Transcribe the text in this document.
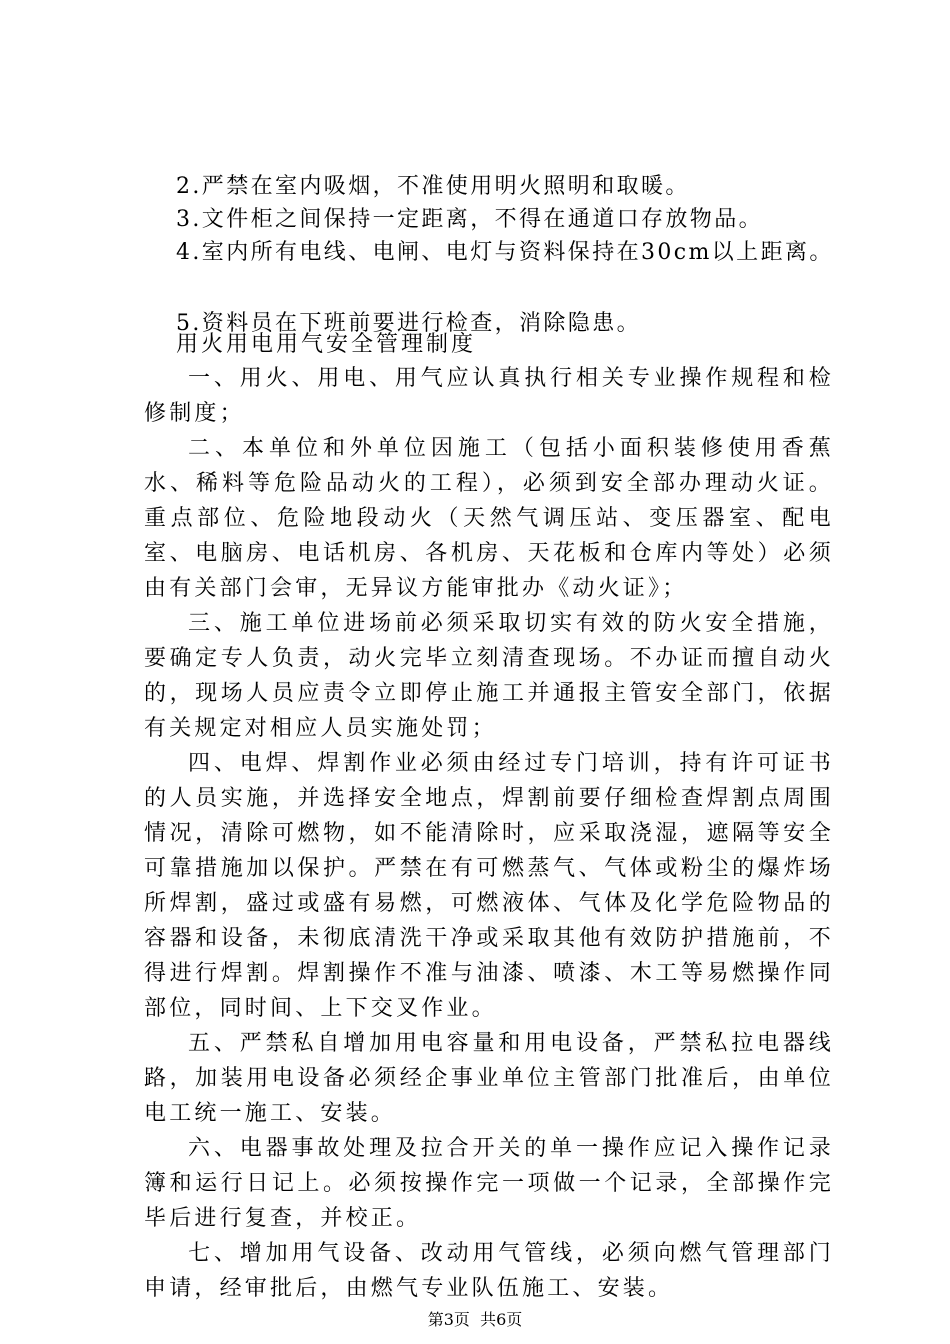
2.严禁在室内吸烟，不准使用明火照明和取暖。
3.文件柜之间保持一定距离，不得在通道口存放物品。
4.室内所有电线、电闸、电灯与资料保持在30cm以上距离。
5.资料员在下班前要进行检查，消除隐患。
用火用电用气安全管理制度

一、用火、用电、用气应认真执行相关专业操作规程和检修制度；

二、本单位和外单位因施工（包括小面积装修使用香蕉水、稀料等危险品动火的工程），必须到安全部办理动火证。重点部位、危险地段动火（天然气调压站、变压器室、配电室、电脑房、电话机房、各机房、天花板和仓库内等处）必须由有关部门会审，无异议方能审批办《动火证》；

三、施工单位进场前必须采取切实有效的防火安全措施，要确定专人负责，动火完毕立刻清查现场。不办证而擅自动火的，现场人员应责令立即停止施工并通报主管安全部门，依据有关规定对相应人员实施处罚；

四、电焊、焊割作业必须由经过专门培训，持有许可证书的人员实施，并选择安全地点，焊割前要仔细检查焊割点周围情况，清除可燃物，如不能清除时，应采取浇湿，遮隔等安全可靠措施加以保护。严禁在有可燃蒸气、气体或粉尘的爆炸场所焊割，盛过或盛有易燃，可燃液体、气体及化学危险物品的容器和设备，未彻底清洗干净或采取其他有效防护措施前，不得进行焊割。焊割操作不准与油漆、喷漆、木工等易燃操作同部位，同时间、上下交叉作业。

五、严禁私自增加用电容量和用电设备，严禁私拉电器线路，加装用电设备必须经企事业单位主管部门批准后，由单位电工统一施工、安装。

六、电器事故处理及拉合开关的单一操作应记入操作记录簿和运行日记上。必须按操作完一项做一个记录，全部操作完毕后进行复查，并校正。

七、增加用气设备、改动用气管线，必须向燃气管理部门申请，经审批后，由燃气专业队伍施工、安装。

第3页  共6页
